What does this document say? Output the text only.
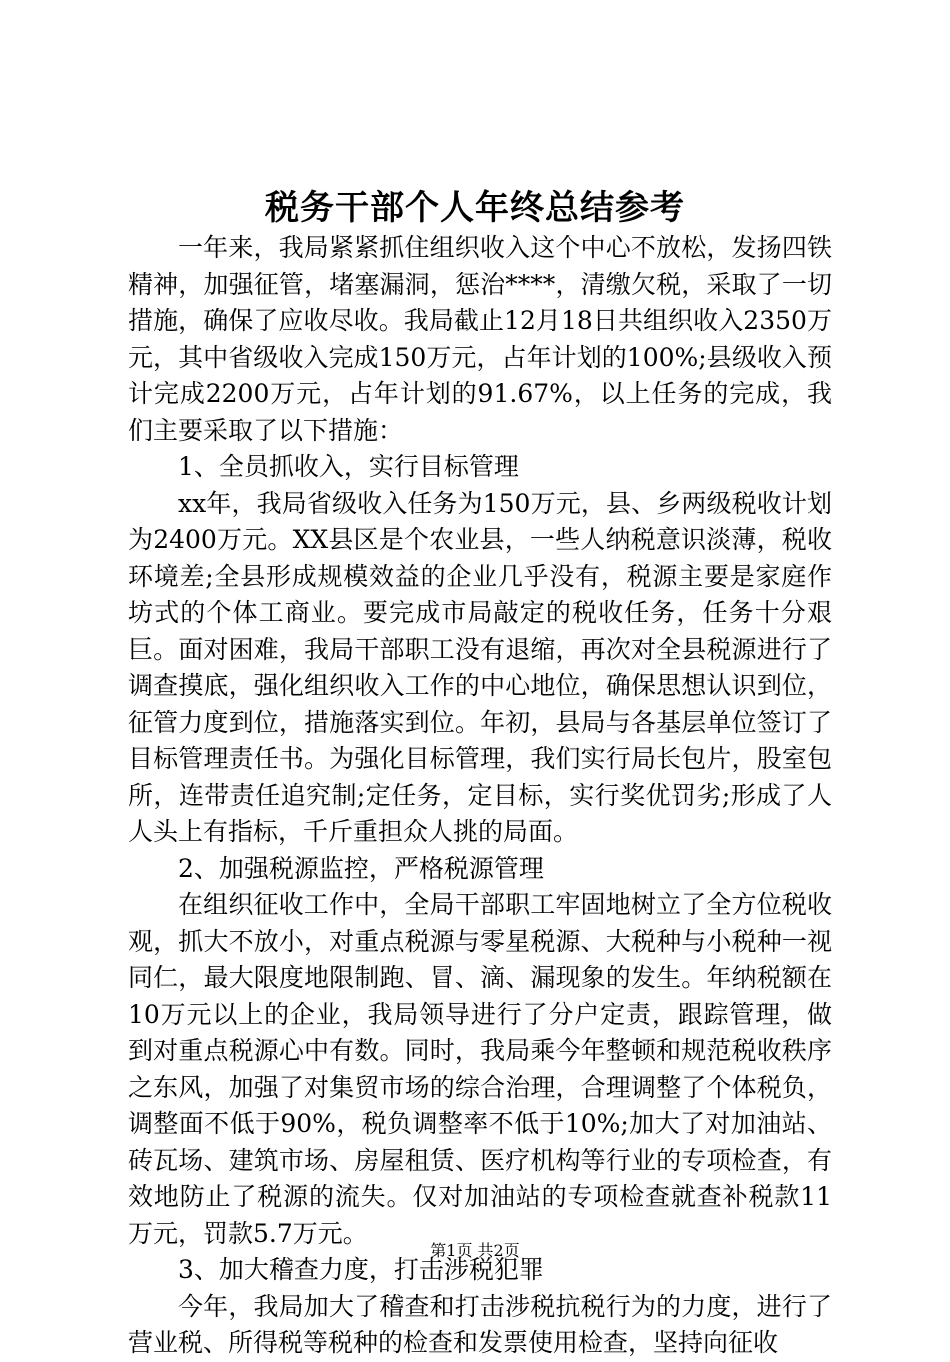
税务干部个人年终总结参考

一年来，我局紧紧抓住组织收入这个中心不放松，发扬四铁精神，加强征管，堵塞漏洞，惩治****，清缴欠税，采取了一切措施，确保了应收尽收。我局截止12月18日共组织收入2350万元，其中省级收入完成150万元，占年计划的100%;县级收入预计完成2200万元，占年计划的91.67%，以上任务的完成，我们主要采取了以下措施：

1、全员抓收入，实行目标管理

xx年，我局省级收入任务为150万元，县、乡两级税收计划为2400万元。XX县区是个农业县，一些人纳税意识淡薄，税收环境差;全县形成规模效益的企业几乎没有，税源主要是家庭作坊式的个体工商业。要完成市局敲定的税收任务，任务十分艰巨。面对困难，我局干部职工没有退缩，再次对全县税源进行了调查摸底，强化组织收入工作的中心地位，确保思想认识到位，征管力度到位，措施落实到位。年初，县局与各基层单位签订了目标管理责任书。为强化目标管理，我们实行局长包片，股室包所，连带责任追究制;定任务，定目标，实行奖优罚劣;形成了人人头上有指标，千斤重担众人挑的局面。

2、加强税源监控，严格税源管理

在组织征收工作中，全局干部职工牢固地树立了全方位税收观，抓大不放小，对重点税源与零星税源、大税种与小税种一视同仁，最大限度地限制跑、冒、滴、漏现象的发生。年纳税额在10万元以上的企业，我局领导进行了分户定责，跟踪管理，做到对重点税源心中有数。同时，我局乘今年整顿和规范税收秩序之东风，加强了对集贸市场的综合治理，合理调整了个体税负，调整面不低于90%，税负调整率不低于10%;加大了对加油站、砖瓦场、建筑市场、房屋租赁、医疗机构等行业的专项检查，有效地防止了税源的流失。仅对加油站的专项检查就查补税款11万元，罚款5.7万元。

3、加大稽查力度，打击涉税犯罪

今年，我局加大了稽查和打击涉税抗税行为的力度，进行了营业税、所得税等税种的检查和发票使用检查，坚持向征收

第1页 共2页
